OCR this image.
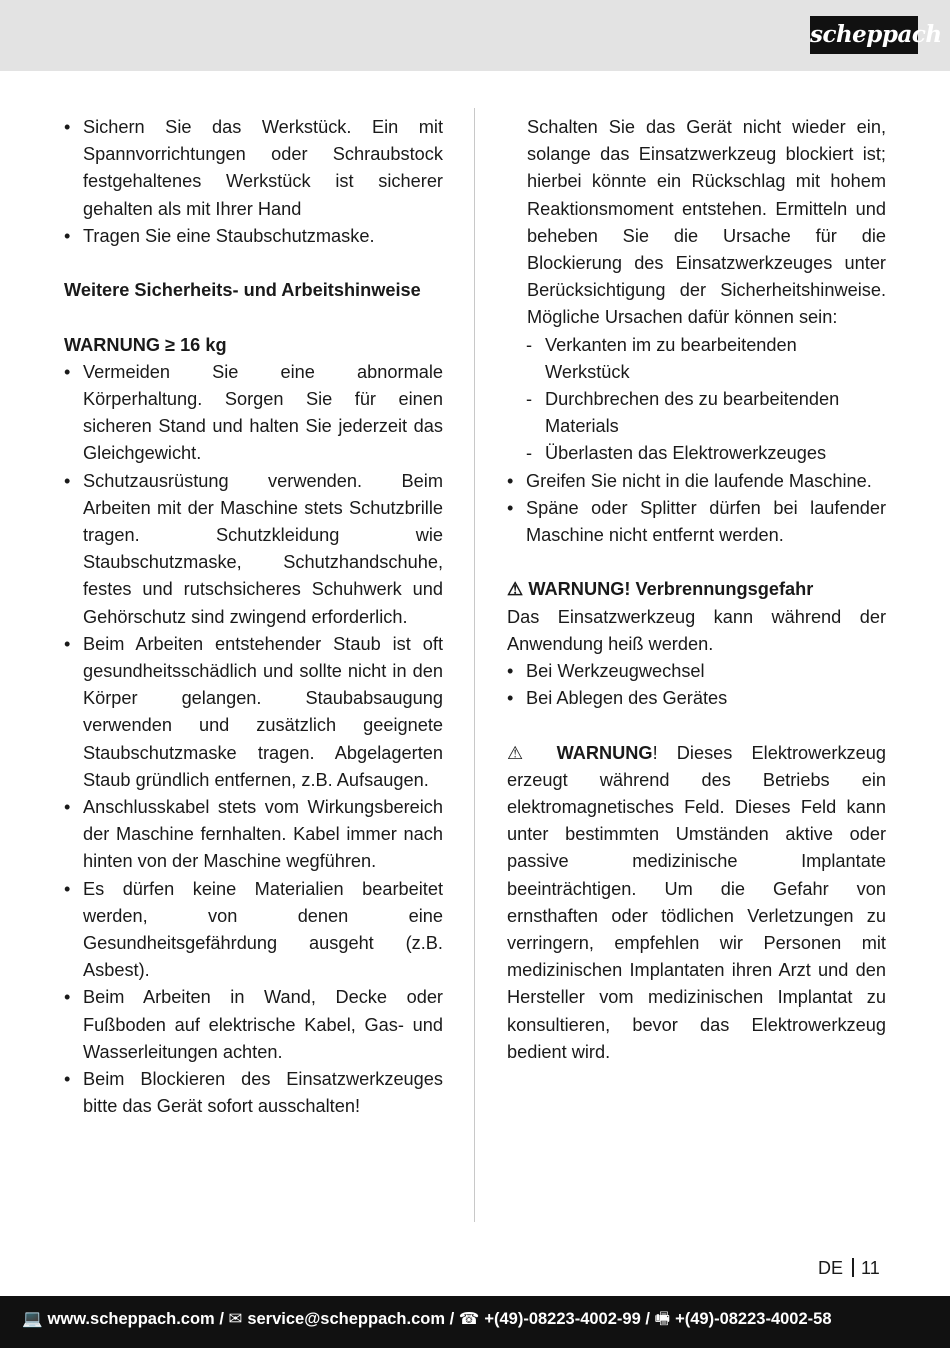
scheppach
• Sichern Sie das Werkstück. Ein mit Spannvorrichtungen oder Schraubstock festgehaltenes Werkstück ist sicherer gehalten als mit Ihrer Hand
• Tragen Sie eine Staubschutzmaske.

Weitere Sicherheits- und Arbeitshinweise

WARNUNG ≥ 16 kg

• Vermeiden Sie eine abnormale Körperhaltung. Sorgen Sie für einen sicheren Stand und halten Sie jederzeit das Gleichgewicht.
• Schutzausrüstung verwenden. Beim Arbeiten mit der Maschine stets Schutzbrille tragen. Schutzkleidung wie Staubschutzmaske, Schutzhandschuhe, festes und rutschsicheres Schuhwerk und Gehörschutz sind zwingend erforderlich.
• Beim Arbeiten entstehender Staub ist oft gesundheitsschädlich und sollte nicht in den Körper gelangen. Staubabsaugung verwenden und zusätzlich geeignete Staubschutzmaske tragen. Abgelagerten Staub gründlich entfernen, z.B. Aufsaugen.
• Anschlusskabel stets vom Wirkungsbereich der Maschine fernhalten. Kabel immer nach hinten von der Maschine wegführen.
• Es dürfen keine Materialien bearbeitet werden, von denen eine Gesundheitsgefährdung ausgeht (z.B. Asbest).
• Beim Arbeiten in Wand, Decke oder Fußboden auf elektrische Kabel, Gas- und Wasserleitungen achten.
• Beim Blockieren des Einsatzwerkzeuges bitte das Gerät sofort ausschalten!

Schalten Sie das Gerät nicht wieder ein, solange das Einsatzwerkzeug blockiert ist; hierbei könnte ein Rückschlag mit hohem Reaktionsmoment entstehen. Ermitteln und beheben Sie die Ursache für die Blockierung des Einsatzwerkzeuges unter Berücksichtigung der Sicherheitshinweise. Mögliche Ursachen dafür können sein:

- Verkanten im zu bearbeitenden Werkstück
- Durchbrechen des zu bearbeitenden Materials
- Überlasten das Elektrowerkzeuges
• Greifen Sie nicht in die laufende Maschine.
• Späne oder Splitter dürfen bei laufender Maschine nicht entfernt werden.

⚠ WARNUNG! Verbrennungsgefahr

Das Einsatzwerkzeug kann während der Anwendung heiß werden.

• Bei Werkzeugwechsel
• Bei Ablegen des Gerätes

⚠ WARNUNG! Dieses Elektrowerkzeug erzeugt während des Betriebs ein elektromagnetisches Feld. Dieses Feld kann unter bestimmten Umständen aktive oder passive medizinische Implantate beeinträchtigen. Um die Gefahr von ernsthaften oder tödlichen Verletzungen zu verringern, empfehlen wir Personen mit medizinischen Implantaten ihren Arzt und den Hersteller vom medizinischen Implantat zu konsultieren, bevor das Elektrowerkzeug bedient wird.

DE 11
💻 www.scheppach.com / ✉ service@scheppach.com / ☎ +(49)-08223-4002-99 / 🖷 +(49)-08223-4002-58
